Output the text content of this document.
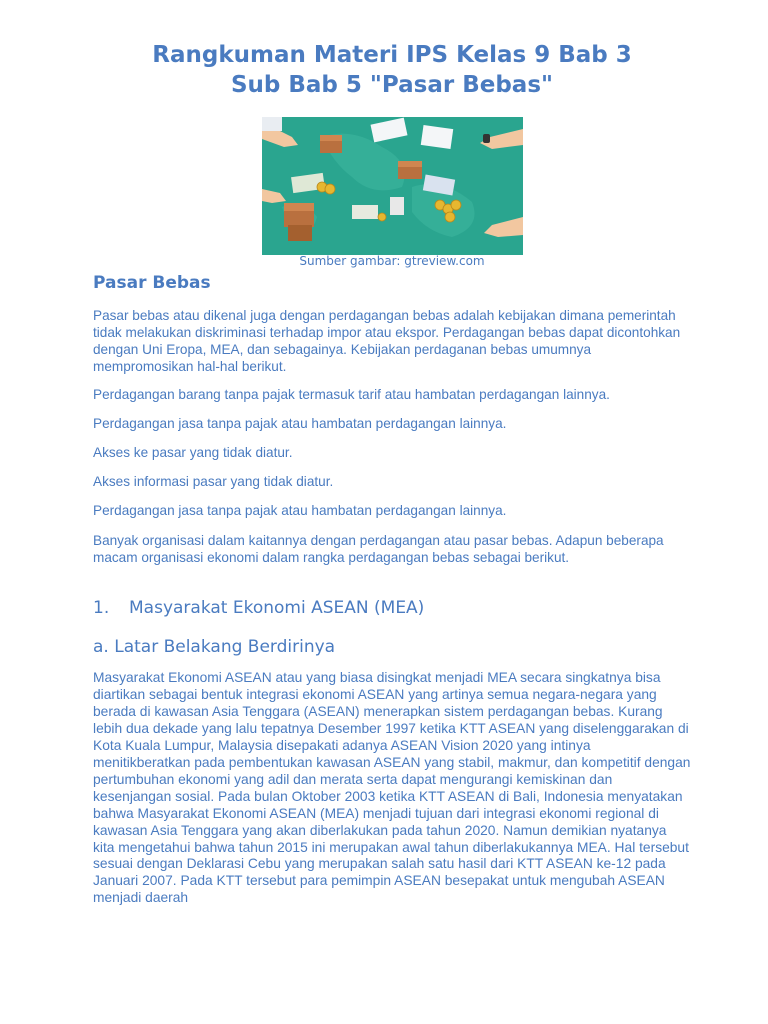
Rangkuman Materi IPS Kelas 9 Bab 3
Sub Bab 5 "Pasar Bebas"
Sumber gambar: gtreview.com
Pasar Bebas

Pasar bebas atau dikenal juga dengan perdagangan bebas adalah kebijakan dimana pemerintah tidak melakukan diskriminasi terhadap impor atau ekspor. Perdagangan bebas dapat dicontohkan dengan Uni Eropa, MEA, dan sebagainya. Kebijakan perdaganan bebas umumnya mempromosikan hal-hal berikut.

Perdagangan barang tanpa pajak termasuk tarif atau hambatan perdagangan lainnya.

Perdagangan jasa tanpa pajak atau hambatan perdagangan lainnya.

Akses ke pasar yang tidak diatur.

Akses informasi pasar yang tidak diatur.

Perdagangan jasa tanpa pajak atau hambatan perdagangan lainnya.

Banyak organisasi dalam kaitannya dengan perdagangan atau pasar bebas. Adapun beberapa macam organisasi ekonomi dalam rangka perdagangan bebas sebagai berikut.

1. Masyarakat Ekonomi ASEAN (MEA)
a. Latar Belakang Berdirinya

Masyarakat Ekonomi ASEAN atau yang biasa disingkat menjadi MEA secara singkatnya bisa diartikan sebagai bentuk integrasi ekonomi ASEAN yang artinya semua negara-negara yang berada di kawasan Asia Tenggara (ASEAN) menerapkan sistem perdagangan bebas. Kurang lebih dua dekade yang lalu tepatnya Desember 1997 ketika KTT ASEAN yang diselenggarakan di Kota Kuala Lumpur, Malaysia disepakati adanya ASEAN Vision 2020 yang intinya menitikberatkan pada pembentukan kawasan ASEAN yang stabil, makmur, dan kompetitif dengan pertumbuhan ekonomi yang adil dan merata serta dapat mengurangi kemiskinan dan kesenjangan sosial. Pada bulan Oktober 2003 ketika KTT ASEAN di Bali, Indonesia menyatakan bahwa Masyarakat Ekonomi ASEAN (MEA) menjadi tujuan dari integrasi ekonomi regional di kawasan Asia Tenggara yang akan diberlakukan pada tahun 2020. Namun demikian nyatanya kita mengetahui bahwa tahun 2015 ini merupakan awal tahun diberlakukannya MEA. Hal tersebut sesuai dengan Deklarasi Cebu yang merupakan salah satu hasil dari KTT ASEAN ke-12 pada Januari 2007. Pada KTT tersebut para pemimpin ASEAN besepakat untuk mengubah ASEAN menjadi daerah
